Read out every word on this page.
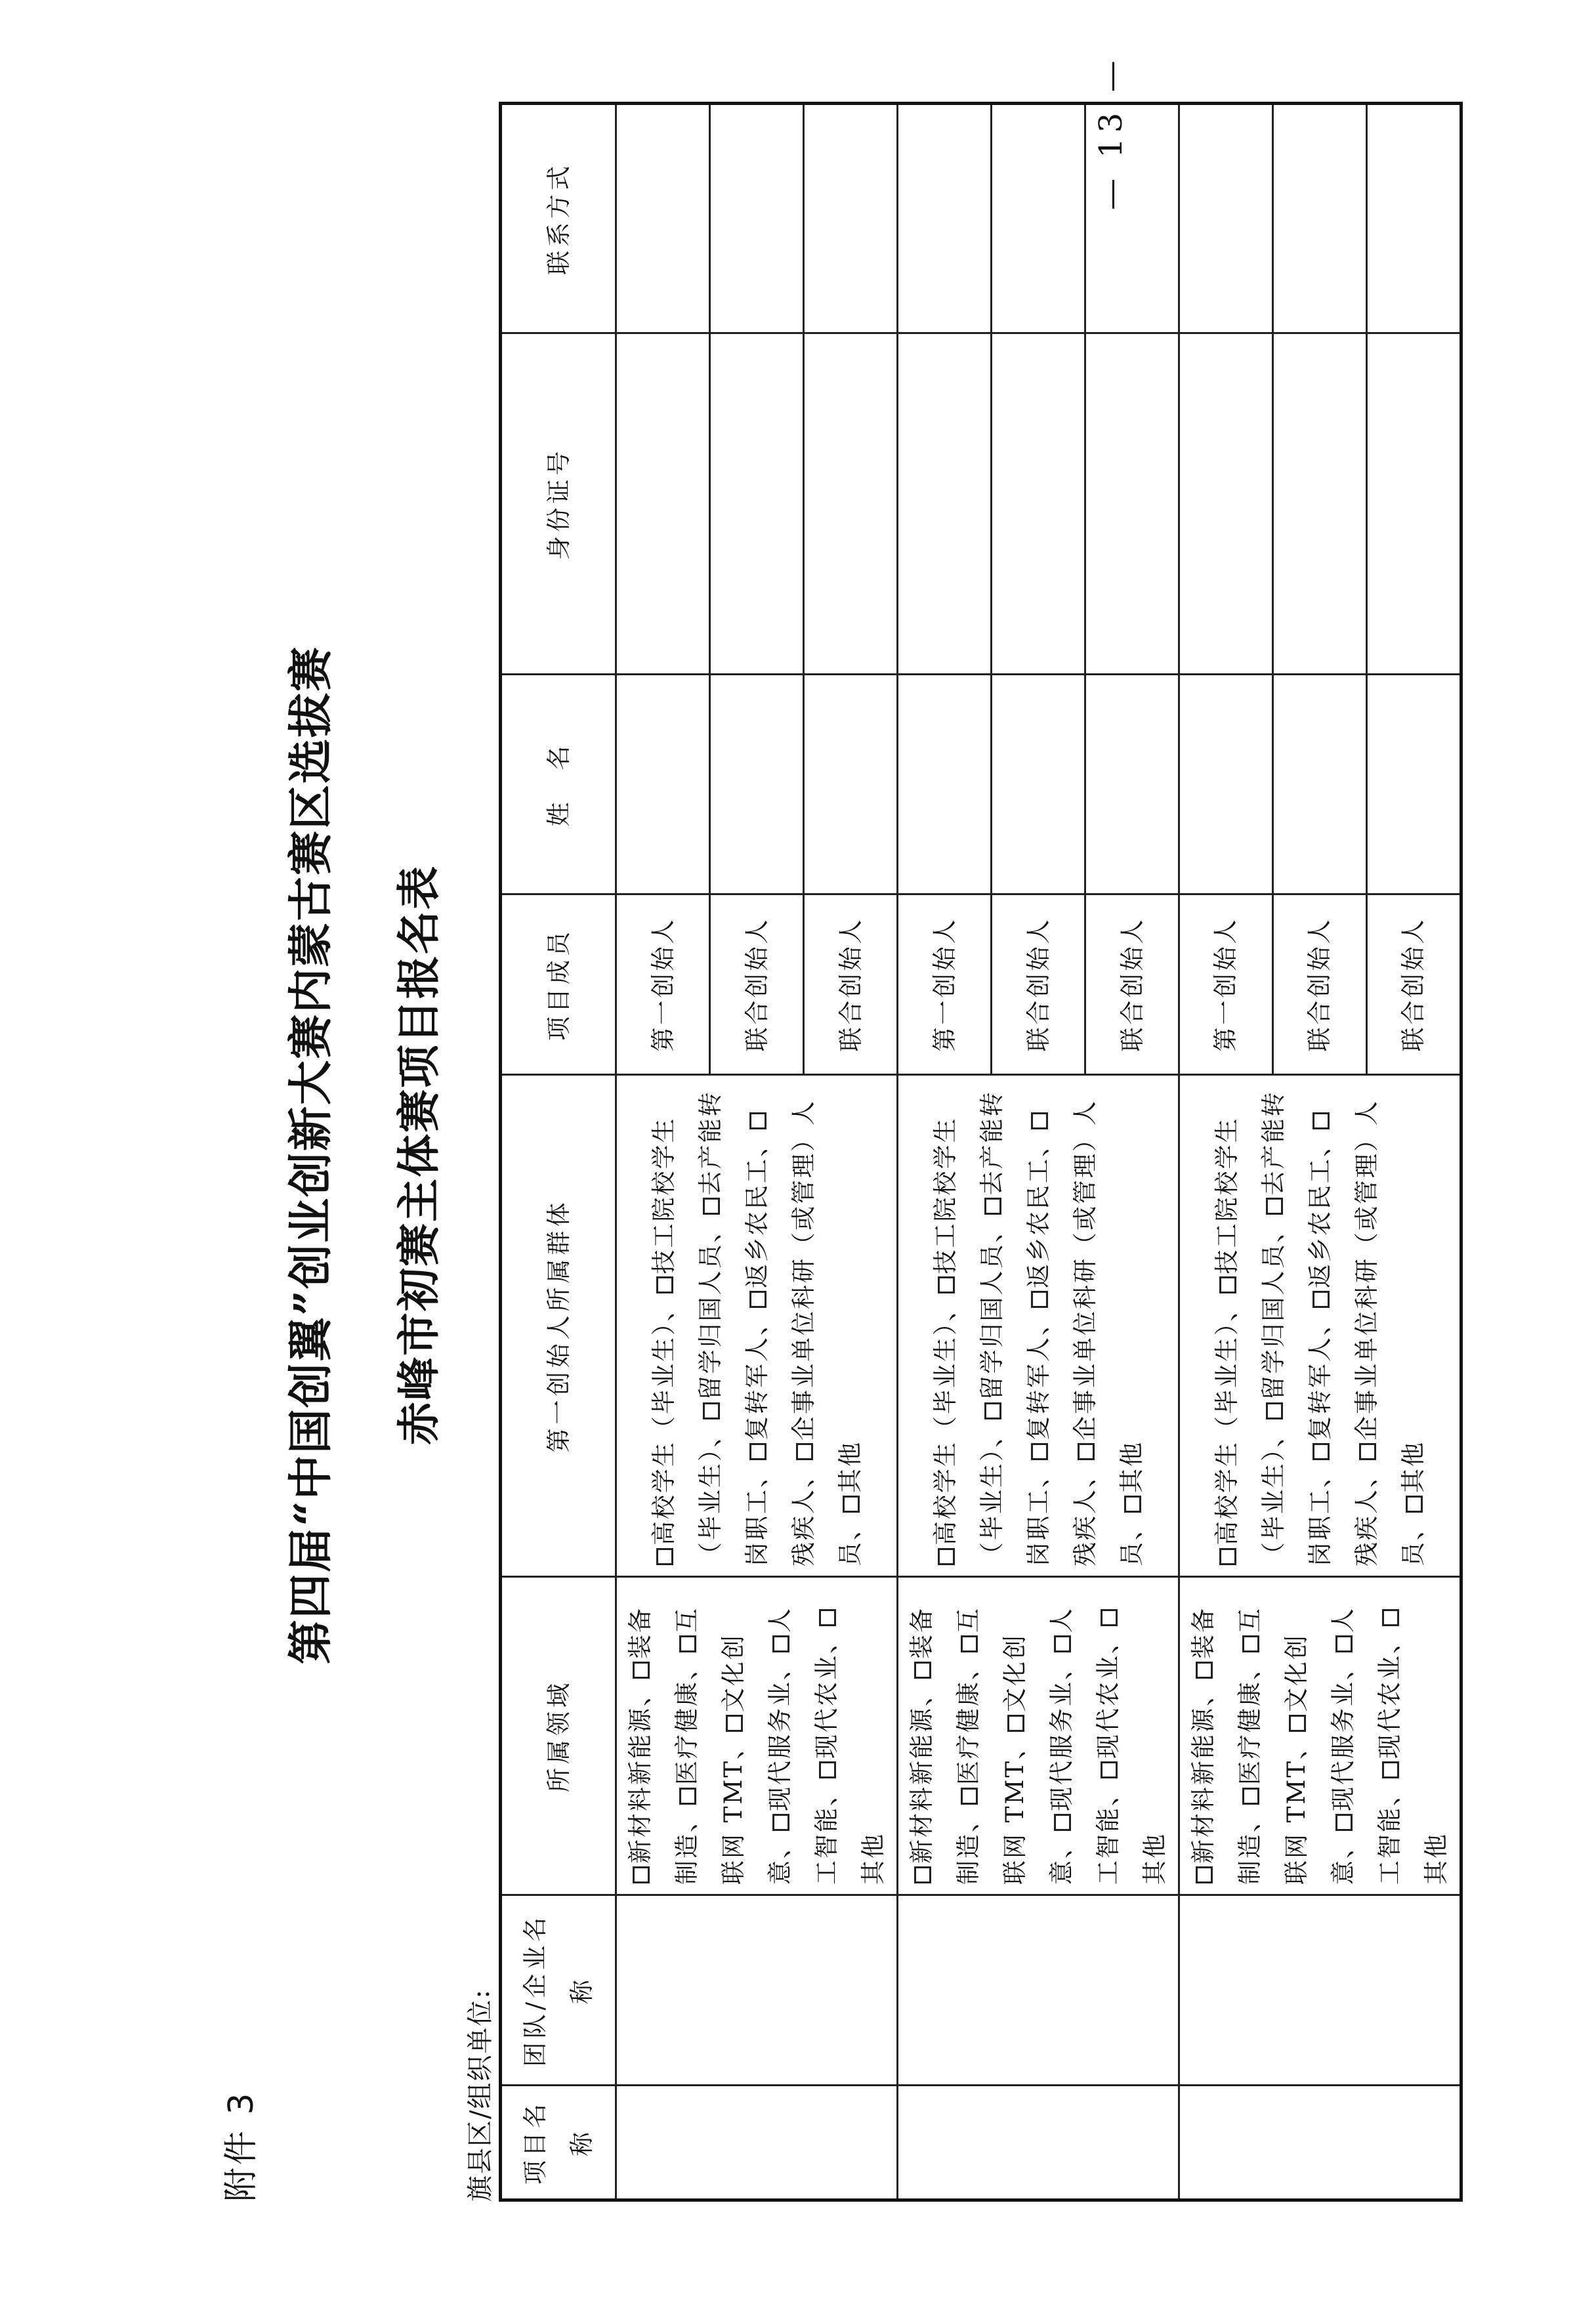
附件 3
第四届“中国创翼”创业创新大赛内蒙古赛区选拔赛 赤峰市初赛主体赛项目报名表
旗县区/组织单位:
— 13 —
项目名称	团队/企业名称	所属领域	第一创始人所属群体	项目成员	姓　名	身份证号	联系方式
		新材料新能源、装备制造、医疗健康、互联网 TMT、文化创意、现代服务业、人工智能、现代农业、其他	高校学生（毕业生）、技工院校学生（毕业生）、留学归国人员、去产能转岗职工、复转军人、返乡农民工、残疾人、企事业单位科研（或管理）人员、其他	第一创始人			
				联合创始人			
				联合创始人			
		新材料新能源、装备制造、医疗健康、互联网 TMT、文化创意、现代服务业、人工智能、现代农业、其他	高校学生（毕业生）、技工院校学生（毕业生）、留学归国人员、去产能转岗职工、复转军人、返乡农民工、残疾人、企事业单位科研（或管理）人员、其他	第一创始人			
				联合创始人			
				联合创始人			
		新材料新能源、装备制造、医疗健康、互联网 TMT、文化创意、现代服务业、人工智能、现代农业、其他	高校学生（毕业生）、技工院校学生（毕业生）、留学归国人员、去产能转岗职工、复转军人、返乡农民工、残疾人、企事业单位科研（或管理）人员、其他	第一创始人			
				联合创始人			
				联合创始人			
